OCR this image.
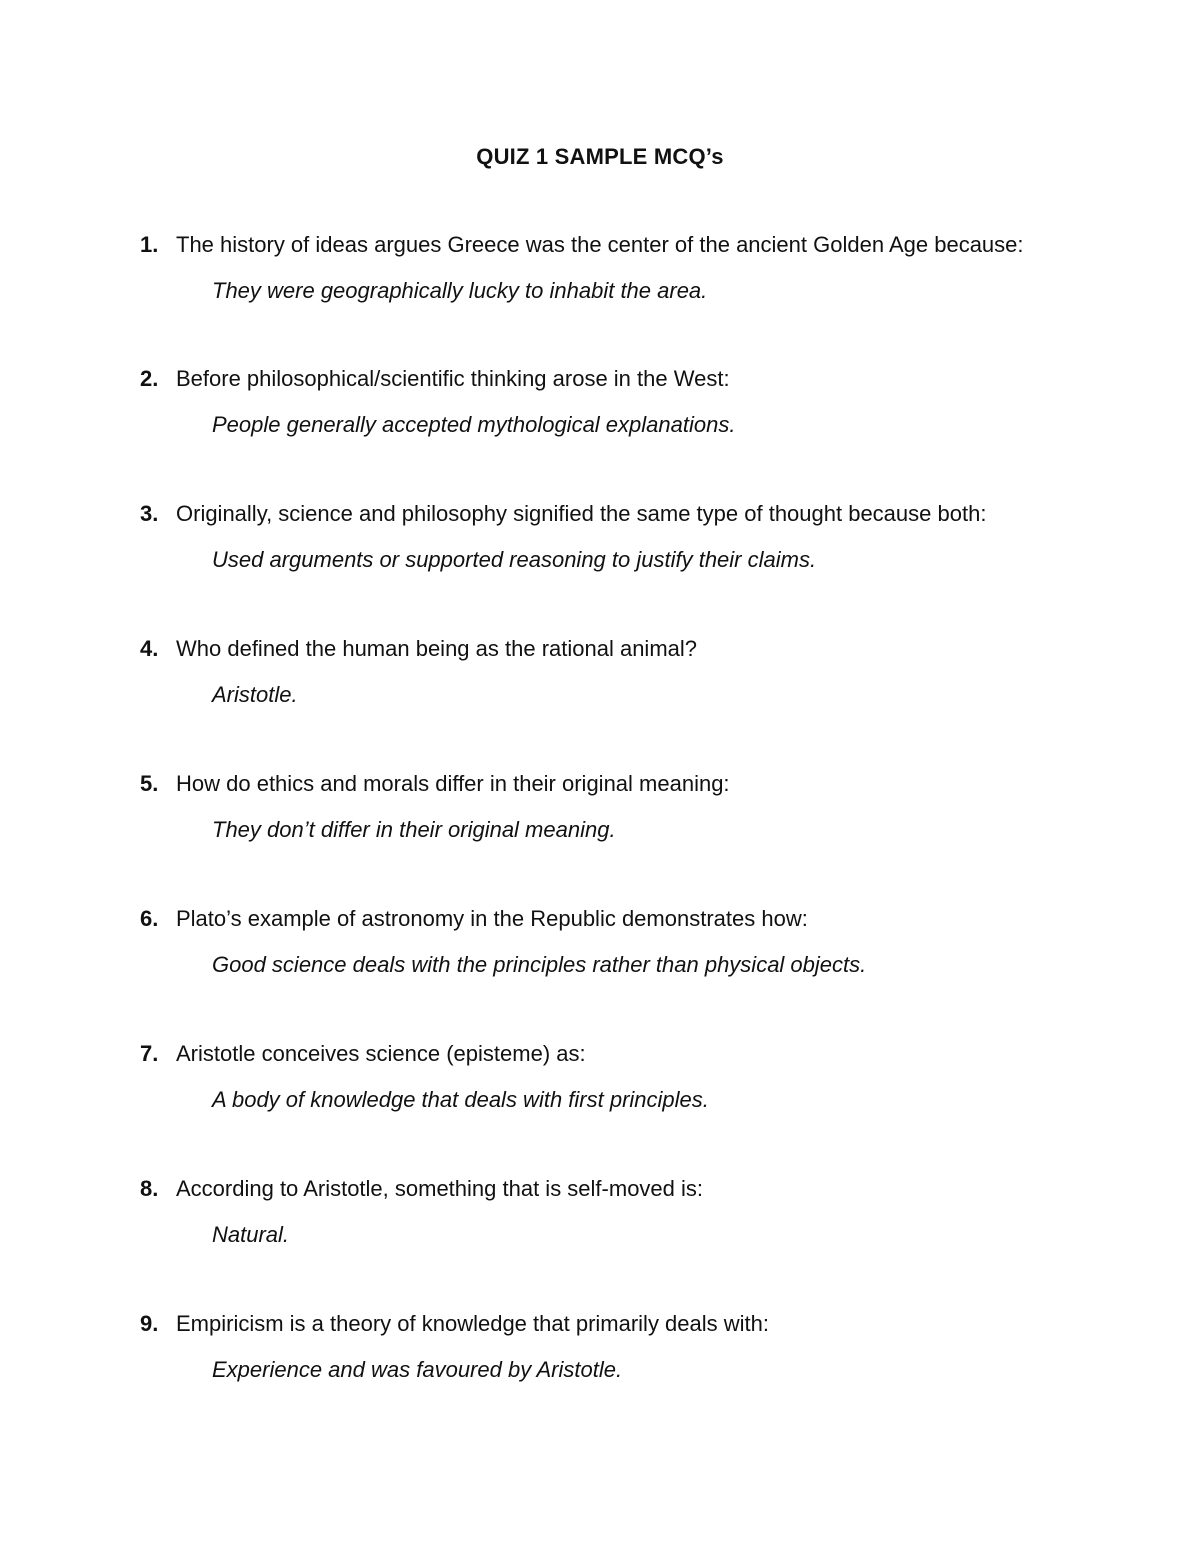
QUIZ 1 SAMPLE MCQ’s
1. The history of ideas argues Greece was the center of the ancient Golden Age because:
They were geographically lucky to inhabit the area.
2. Before philosophical/scientific thinking arose in the West:
People generally accepted mythological explanations.
3. Originally, science and philosophy signified the same type of thought because both:
Used arguments or supported reasoning to justify their claims.
4. Who defined the human being as the rational animal?
Aristotle.
5. How do ethics and morals differ in their original meaning:
They don’t differ in their original meaning.
6. Plato’s example of astronomy in the Republic demonstrates how:
Good science deals with the principles rather than physical objects.
7. Aristotle conceives science (episteme) as:
A body of knowledge that deals with first principles.
8. According to Aristotle, something that is self-moved is:
Natural.
9. Empiricism is a theory of knowledge that primarily deals with:
Experience and was favoured by Aristotle.
